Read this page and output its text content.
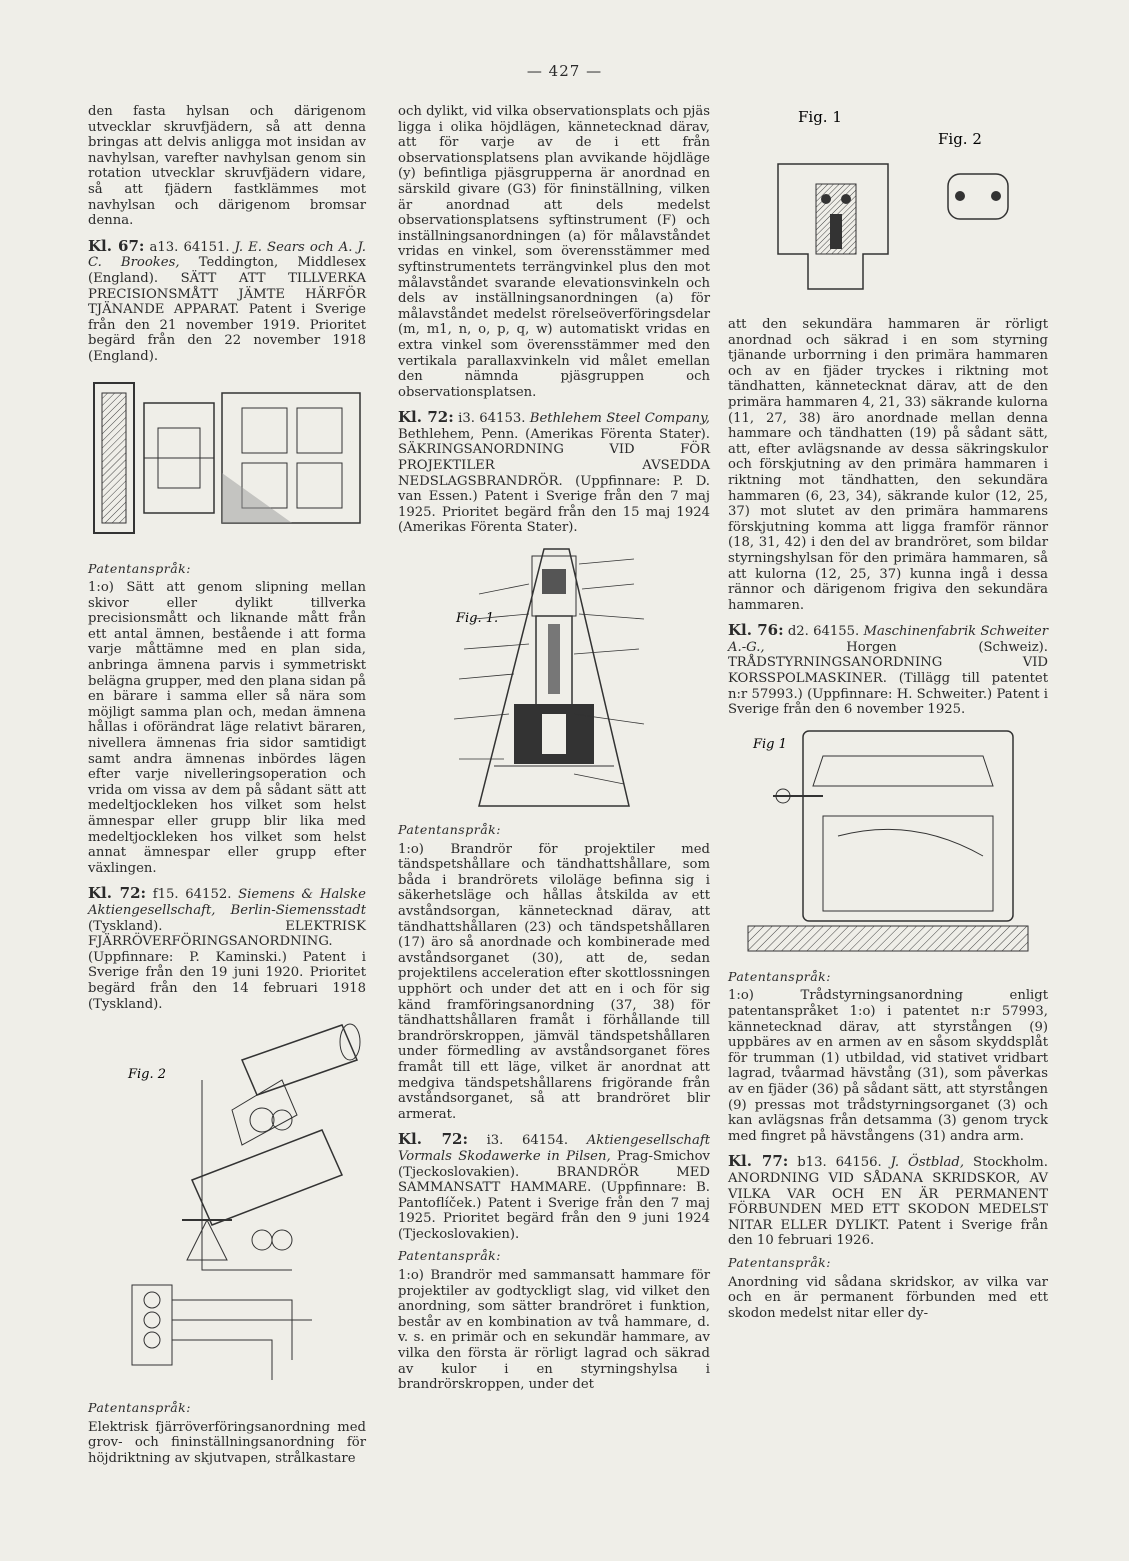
— 427 —

den fasta hylsan och därigenom utvecklar skruvfjädern, så att denna bringas att delvis anligga mot insidan av navhylsan, varefter navhylsan genom sin rotation utvecklar skruvfjädern vidare, så att fjädern fastklämmes mot navhylsan och därigenom bromsar denna.

Kl. 67: a13. 64151. J. E. Sears och A. J. C. Brookes, Teddington, Middlesex (England). SÄTT ATT TILLVERKA PRECISIONSMÅTT JÄMTE HÄRFÖR TJÄNANDE APPARAT. Patent i Sverige från den 21 november 1919. Prioritet begärd från den 22 november 1918 (England).

Patentanspråk:

1:o) Sätt att genom slipning mellan skivor eller dylikt tillverka precisionsmått och liknande mått från ett antal ämnen, bestående i att forma varje måttämne med en plan sida, anbringa ämnena parvis i symmetriskt belägna grupper, med den plana sidan på en bärare i samma eller så nära som möjligt samma plan och, medan ämnena hållas i oförändrat läge relativt bäraren, nivellera ämnenas fria sidor samtidigt samt andra ämnenas inbördes lägen efter varje nivelleringsoperation och vrida om vissa av dem på sådant sätt att medeltjockleken hos vilket som helst ämnespar eller grupp blir lika med medeltjockleken hos vilket som helst annat ämnespar eller grupp efter växlingen.

Kl. 72: f15. 64152. Siemens & Halske Aktiengesellschaft, Berlin-Siemensstadt (Tyskland). ELEKTRISK FJÄRRÖVERFÖRINGSANORDNING. (Uppfinnare: P. Kaminski.) Patent i Sverige från den 19 juni 1920. Prioritet begärd från den 14 februari 1918 (Tyskland).

Fig. 2
Patentanspråk:

Elektrisk fjärröverföringsanordning med grov- och fininställningsanordning för höjdriktning av skjutvapen, strålkastare

och dylikt, vid vilka observationsplats och pjäs ligga i olika höjdlägen, kännetecknad därav, att för varje av de i ett från observationsplatsens plan avvikande höjdläge (y) befintliga pjäsgrupperna är anordnad en särskild givare (G3) för fininställning, vilken är anordnad att dels medelst observationsplatsens syftinstrument (F) och inställningsanordningen (a) för målavståndet vridas en vinkel, som överensstämmer med syftinstrumentets terrängvinkel plus den mot målavståndet svarande elevationsvinkeln och dels av inställningsanordningen (a) för målavståndet medelst rörelseöverföringsdelar (m, m1, n, o, p, q, w) automatiskt vridas en extra vinkel som överensstämmer med den vertikala parallaxvinkeln vid målet emellan den nämnda pjäsgruppen och observationsplatsen.

Kl. 72: i3. 64153. Bethlehem Steel Company, Bethlehem, Penn. (Amerikas Förenta Stater). SÄKRINGSANORDNING VID FÖR PROJEKTILER AVSEDDA NEDSLAGSBRANDRÖR. (Uppfinnare: P. D. van Essen.) Patent i Sverige från den 7 maj 1925. Prioritet begärd från den 15 maj 1924 (Amerikas Förenta Stater).

Fig. 1.
Patentanspråk:

1:o) Brandrör för projektiler med tändspetshållare och tändhattshållare, som båda i brandrörets viloläge befinna sig i säkerhetsläge och hållas åtskilda av ett avståndsorgan, kännetecknad därav, att tändhattshållaren (23) och tändspetshållaren (17) äro så anordnade och kombinerade med avståndsorganet (30), att de, sedan projektilens acceleration efter skottlossningen upphört och under det att en i och för sig känd framföringsanordning (37, 38) för tändhattshållaren framåt i förhållande till brandrörskroppen, jämväl tändspetshållaren under förmedling av avståndsorganet föres framåt till ett läge, vilket är anordnat att medgiva tändspetshållarens frigörande från avståndsorganet, så att brandröret blir armerat.

Kl. 72: i3. 64154. Aktiengesellschaft Vormals Skodawerke in Pilsen, Prag-Smichov (Tjeckoslovakien). BRANDRÖR MED SAMMANSATT HAMMARE. (Uppfinnare: B. Pantoflíček.) Patent i Sverige från den 7 maj 1925. Prioritet begärd från den 9 juni 1924 (Tjeckoslovakien).

Patentanspråk:

1:o) Brandrör med sammansatt hammare för projektiler av godtyckligt slag, vid vilket den anordning, som sätter brandröret i funktion, består av en kombination av två hammare, d. v. s. en primär och en sekundär hammare, av vilka den första är rörligt lagrad och säkrad av kulor i en styrningshylsa i brandrörskroppen, under det

Fig. 1
Fig. 2

att den sekundära hammaren är rörligt anordnad och säkrad i en som styrning tjänande urborrning i den primära hammaren och av en fjäder tryckes i riktning mot tändhatten, kännetecknat därav, att de den primära hammaren 4, 21, 33) säkrande kulorna (11, 27, 38) äro anordnade mellan denna hammare och tändhatten (19) på sådant sätt, att, efter avlägsnande av dessa säkringskulor och förskjutning av den primära hammaren i riktning mot tändhatten, den sekundära hammaren (6, 23, 34), säkrande kulor (12, 25, 37) mot slutet av den primära hammarens förskjutning komma att ligga framför rännor (18, 31, 42) i den del av brandröret, som bildar styrningshylsan för den primära hammaren, så att kulorna (12, 25, 37) kunna ingå i dessa rännor och därigenom frigiva den sekundära hammaren.

Kl. 76: d2. 64155. Maschinenfabrik Schweiter A.-G.,	Horgen (Schweiz). TRÅDSTYRNINGSANORDNING VID KORSSPOLMASKINER. (Tillägg till patentet n:r 57993.) (Uppfinnare: H. Schweiter.) Patent i Sverige från den 6 november 1925.

Fig 1
Patentanspråk:

1:o) Trådstyrningsanordning enligt patentanspråket 1:o) i patentet n:r 57993, kännetecknad därav, att styrstången (9) uppbäres av en armen av en såsom skyddsplåt för trumman (1) utbildad, vid stativet vridbart lagrad, tvåarmad hävstång (31), som påverkas av en fjäder (36) på sådant sätt, att styrstången (9) pressas mot trådstyrningsorganet (3) och kan avlägsnas från detsamma (3) genom tryck med fingret på hävstångens (31) andra arm.

Kl. 77: b13. 64156. J. Östblad, Stockholm. ANORDNING VID SÅDANA SKRIDSKOR, AV VILKA VAR OCH EN ÄR PERMANENT FÖRBUNDEN MED ETT SKODON MEDELST NITAR ELLER DYLIKT. Patent i Sverige från den 10 februari 1926.

Patentanspråk:

Anordning vid sådana skridskor, av vilka var och en är permanent förbunden med ett skodon medelst nitar eller dy-
